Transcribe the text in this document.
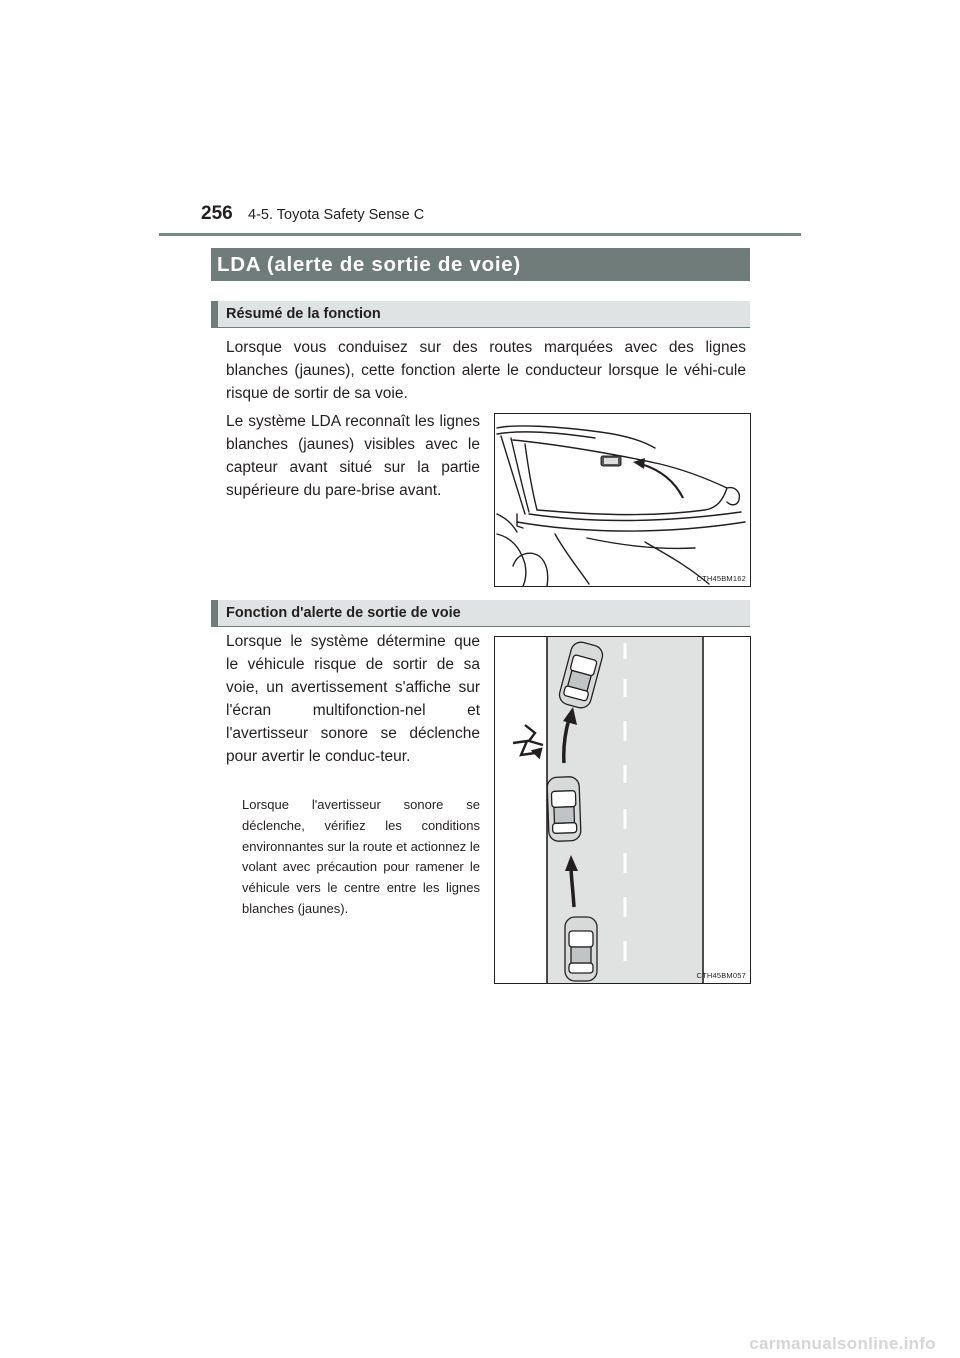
256 4-5. Toyota Safety Sense C
LDA (alerte de sortie de voie)
Résumé de la fonction
Lorsque vous conduisez sur des routes marquées avec des lignes blanches (jaunes), cette fonction alerte le conducteur lorsque le véhi-cule risque de sortir de sa voie.
Le système LDA reconnaît les lignes blanches (jaunes) visibles avec le capteur avant situé sur la partie supérieure du pare-brise avant.
CTH45BM162
Fonction d'alerte de sortie de voie
Lorsque le système détermine que le véhicule risque de sortir de sa voie, un avertissement s'affiche sur l'écran multifonction-nel et l'avertisseur sonore se déclenche pour avertir le conduc-teur.
Lorsque l'avertisseur sonore se déclenche, vérifiez les conditions environnantes sur la route et actionnez le volant avec précaution pour ramener le véhicule vers le centre entre les lignes blanches (jaunes).
CTH45BM057
carmanualsonline.info
